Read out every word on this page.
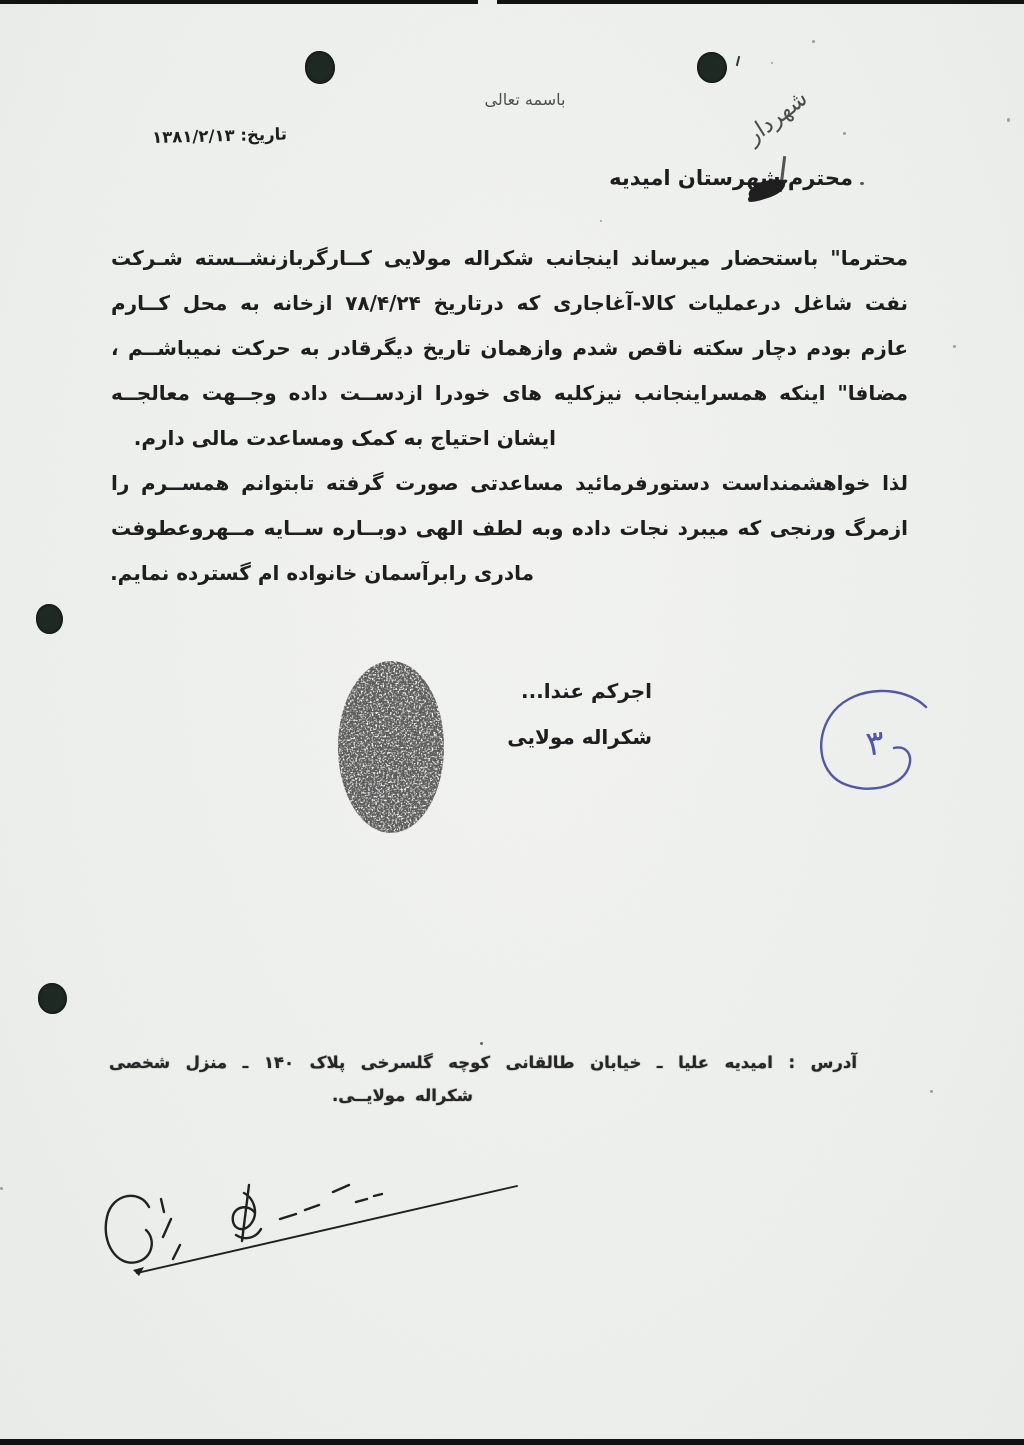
باسمه تعالی
تاریخ: ۱۳۸۱/۲/۱۳	شهردار
محترم شهرستان امیدیه
محترما" باستحضار میرساند اینجانب شکراله مولایی کــارگربازنشــسته شـرکت
نفت شاغل درعملیات کالا-آغاجاری که درتاریخ ۷۸/۴/۲۴ ازخانه به محل کــارم
عازم بودم دچار سکته ناقص شدم وازهمان تاریخ دیگرقادر به حرکت نمیباشــم ،
مضافا" اینکه همسراینجانب نیزکلیه های خودرا ازدســت داده وجــهت معالجــه
ایشان احتیاج به کمک ومساعدت مالی دارم.
لذا خواهشمنداست دستورفرمائید مساعدتی صورت گرفته تابتوانم همســرم را
ازمرگ ورنجی که میبرد نجات داده وبه لطف الهی دوبــاره ســایه مــهروعطوفت
مادری رابرآسمان خانواده ام گسترده نمایم.
اجرکم عندا...
شکراله مولایی	۳
آدرس : امیدیه علیا ـ خیابان طالقانی کوچه گلسرخی پلاک ۱۴۰ ـ منزل شخصی
شکراله مولایــی.
